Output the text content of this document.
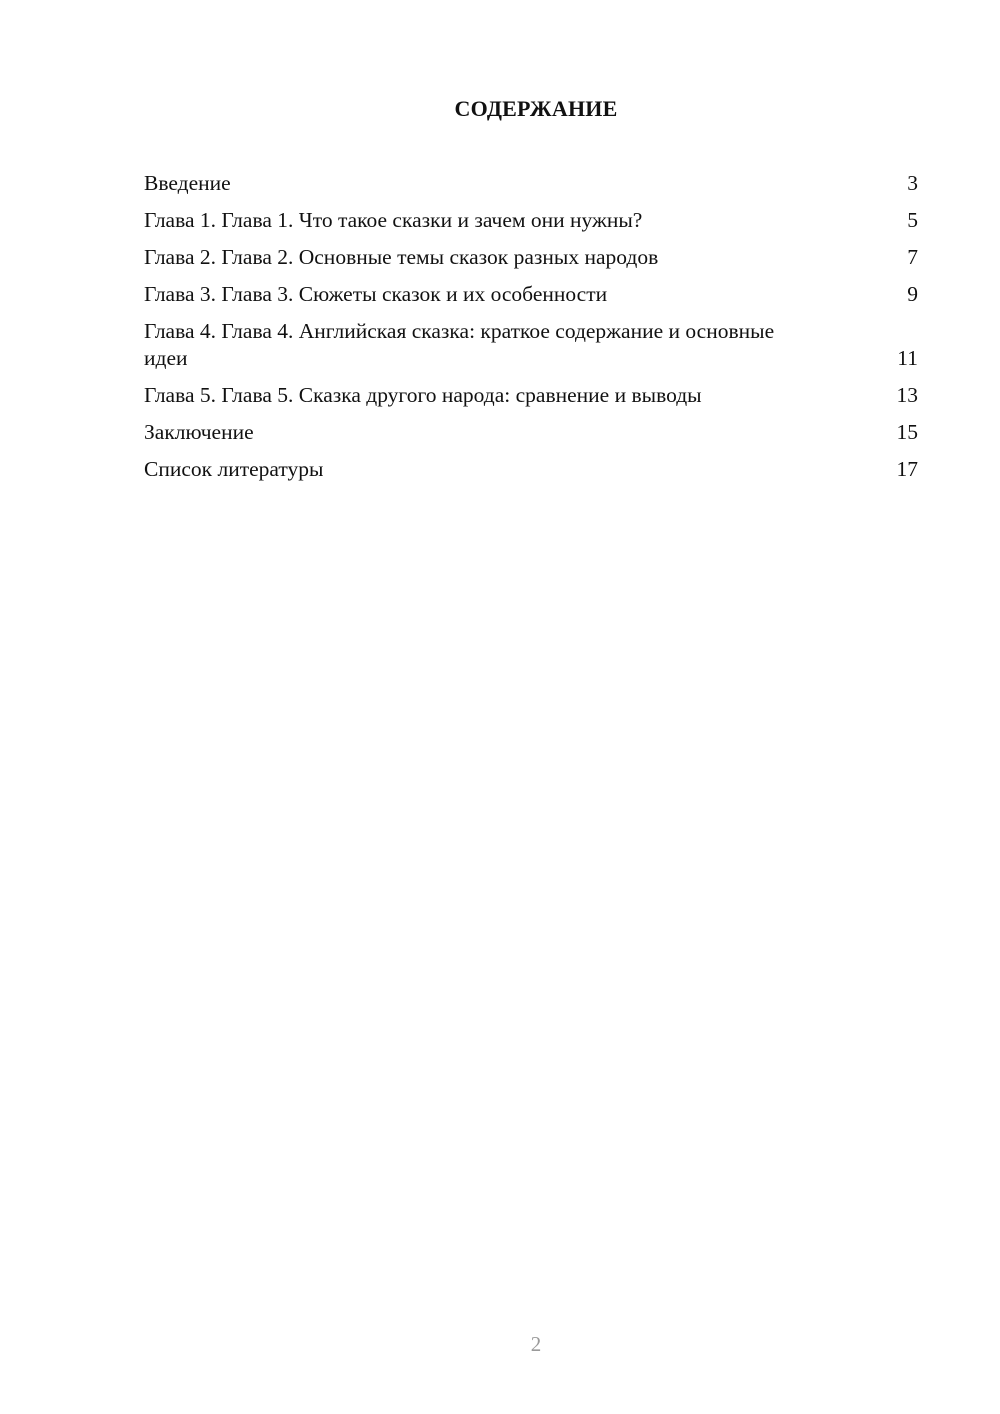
СОДЕРЖАНИЕ
Введение	3
Глава 1. Глава 1. Что такое сказки и зачем они нужны?	5
Глава 2. Глава 2. Основные темы сказок разных народов	7
Глава 3. Глава 3. Сюжеты сказок и их особенности	9
Глава 4. Глава 4. Английская сказка: краткое содержание и основные идеи	11
Глава 5. Глава 5. Сказка другого народа: сравнение и выводы	13
Заключение	15
Список литературы	17
2
